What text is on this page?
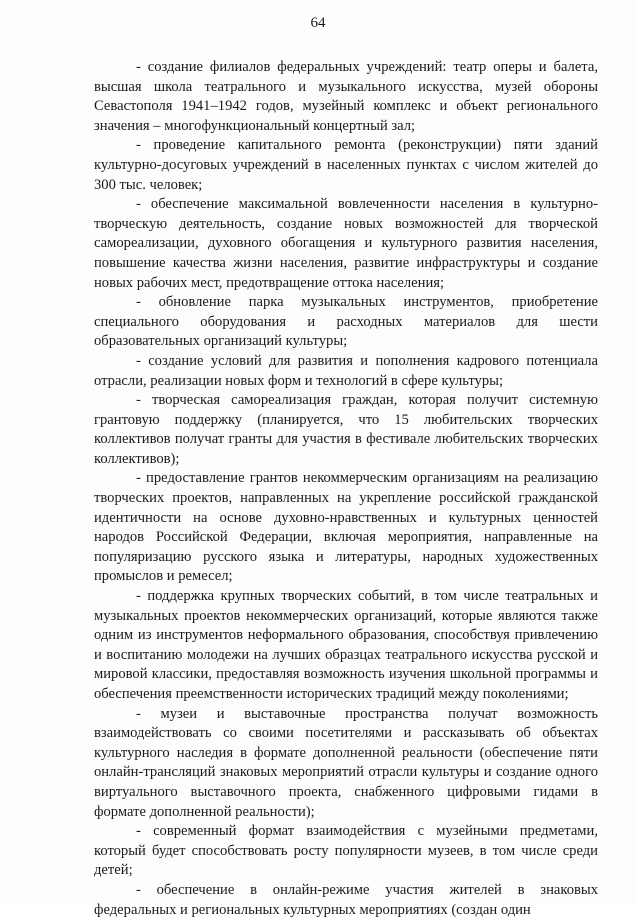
64

- создание филиалов федеральных учреждений: театр оперы и балета, высшая школа театрального и музыкального искусства, музей обороны Севастополя 1941–1942 годов, музейный комплекс и объект регионального значения – многофункциональный концертный зал;

- проведение капитального ремонта (реконструкции) пяти зданий культурно-досуговых учреждений в населенных пунктах с числом жителей до 300 тыс. человек;

- обеспечение максимальной вовлеченности населения в культурно-творческую деятельность, создание новых возможностей для творческой самореализации, духовного обогащения и культурного развития населения, повышение качества жизни населения, развитие инфраструктуры и создание новых рабочих мест, предотвращение оттока населения;

- обновление парка музыкальных инструментов, приобретение специального оборудования и расходных материалов для шести образовательных организаций культуры;

- создание условий для развития и пополнения кадрового потенциала отрасли, реализации новых форм и технологий в сфере культуры;

- творческая самореализация граждан, которая получит системную грантовую поддержку (планируется, что 15 любительских творческих коллективов получат гранты для участия в фестивале любительских творческих коллективов);

- предоставление грантов некоммерческим организациям на реализацию творческих проектов, направленных на укрепление российской гражданской идентичности на основе духовно-нравственных и культурных ценностей народов Российской Федерации, включая мероприятия, направленные на популяризацию русского языка и литературы, народных художественных промыслов и ремесел;

- поддержка крупных творческих событий, в том числе театральных и музыкальных проектов некоммерческих организаций, которые являются также одним из инструментов неформального образования, способствуя привлечению и воспитанию молодежи на лучших образцах театрального искусства русской и мировой классики, предоставляя возможность изучения школьной программы и обеспечения преемственности исторических традиций между поколениями;

- музеи и выставочные пространства получат возможность взаимодействовать со своими посетителями и рассказывать об объектах культурного наследия в формате дополненной реальности (обеспечение пяти онлайн-трансляций знаковых мероприятий отрасли культуры и создание одного виртуального выставочного проекта, снабженного цифровыми гидами в формате дополненной реальности);

- современный формат взаимодействия с музейными предметами, который будет способствовать росту популярности музеев, в том числе среди детей;

- обеспечение в онлайн-режиме участия жителей в знаковых федеральных и региональных культурных мероприятиях (создан один
